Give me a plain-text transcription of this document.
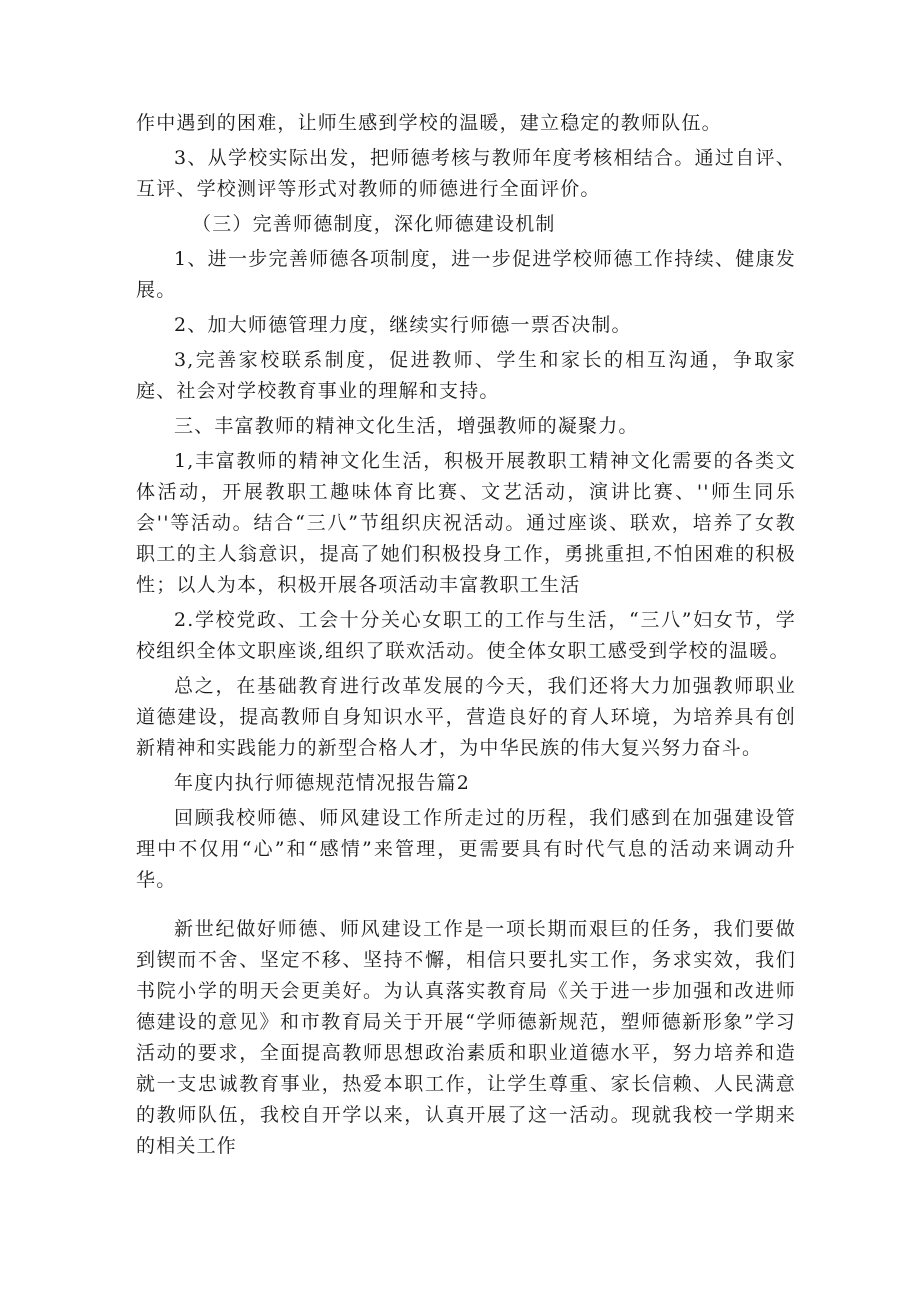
作中遇到的困难，让师生感到学校的温暖，建立稳定的教师队伍。

3、从学校实际出发，把师德考核与教师年度考核相结合。通过自评、互评、学校测评等形式对教师的师德进行全面评价。

（三）完善师德制度，深化师德建设机制

1、进一步完善师德各项制度，进一步促进学校师德工作持续、健康发展。

2、加大师德管理力度，继续实行师德一票否决制。

3,完善家校联系制度，促进教师、学生和家长的相互沟通，争取家庭、社会对学校教育事业的理解和支持。

三、丰富教师的精神文化生活，增强教师的凝聚力。

1,丰富教师的精神文化生活，积极开展教职工精神文化需要的各类文体活动，开展教职工趣味体育比赛、文艺活动，演讲比赛、''师生同乐会''等活动。结合“三八”节组织庆祝活动。通过座谈、联欢，培养了女教职工的主人翁意识，提高了她们积极投身工作，勇挑重担,不怕困难的积极性；以人为本，积极开展各项活动丰富教职工生活

2.学校党政、工会十分关心女职工的工作与生活，“三八”妇女节，学校组织全体文职座谈,组织了联欢活动。使全体女职工感受到学校的温暖。

总之，在基础教育进行改革发展的今天，我们还将大力加强教师职业道德建设，提高教师自身知识水平，营造良好的育人环境，为培养具有创新精神和实践能力的新型合格人才，为中华民族的伟大复兴努力奋斗。

年度内执行师德规范情况报告篇2

回顾我校师德、师风建设工作所走过的历程，我们感到在加强建设管理中不仅用“心”和“感情”来管理，更需要具有时代气息的活动来调动升华。

新世纪做好师德、师风建设工作是一项长期而艰巨的任务，我们要做到锲而不舍、坚定不移、坚持不懈，相信只要扎实工作，务求实效，我们书院小学的明天会更美好。为认真落实教育局《关于进一步加强和改进师德建设的意见》和市教育局关于开展“学师德新规范，塑师德新形象”学习活动的要求，全面提高教师思想政治素质和职业道德水平，努力培养和造就一支忠诚教育事业，热爱本职工作，让学生尊重、家长信赖、人民满意的教师队伍，我校自开学以来，认真开展了这一活动。现就我校一学期来的相关工作
